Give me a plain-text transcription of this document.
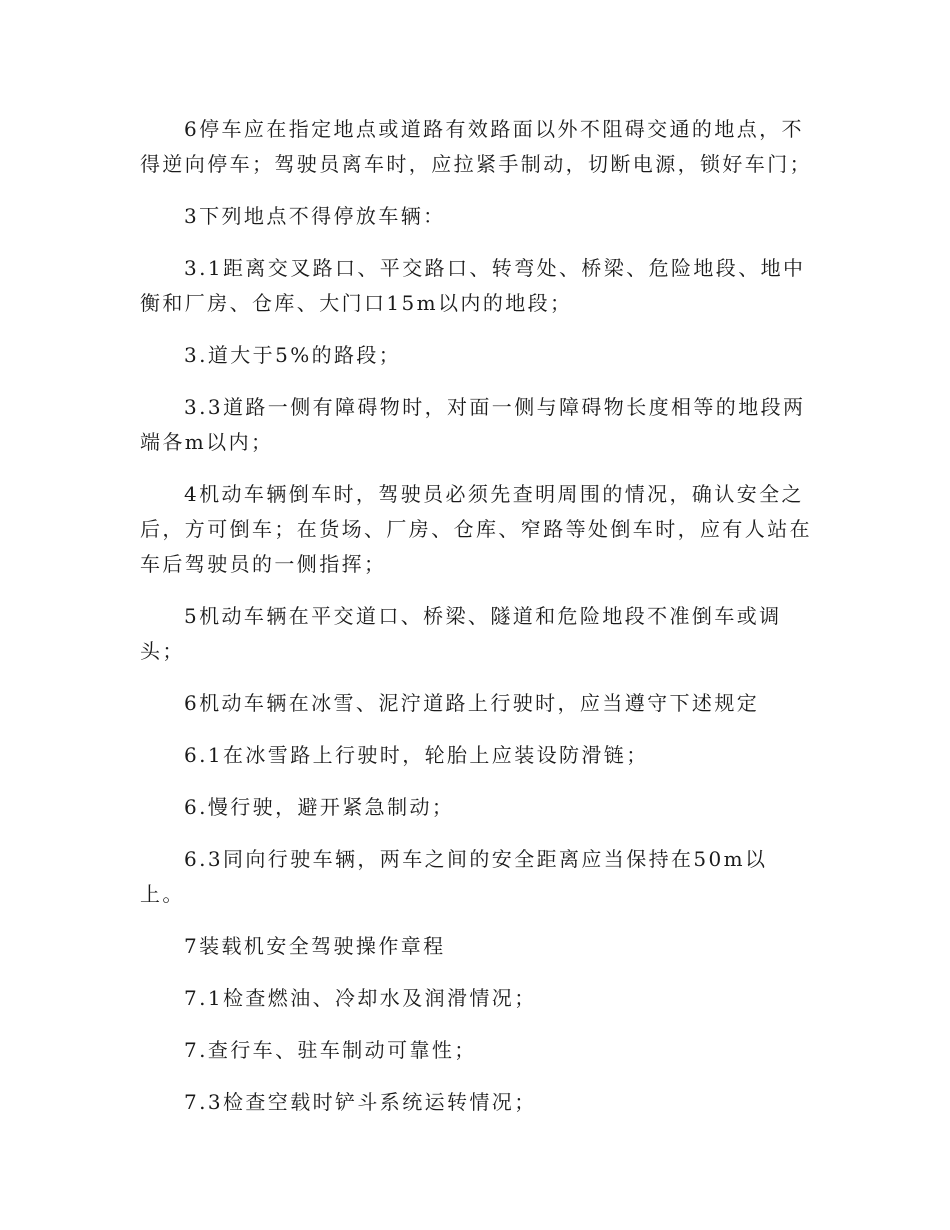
6停车应在指定地点或道路有效路面以外不阻碍交通的地点，不得逆向停车；驾驶员离车时，应拉紧手制动，切断电源，锁好车门；

3下列地点不得停放车辆：

3.1距离交叉路口、平交路口、转弯处、桥梁、危险地段、地中衡和厂房、仓库、大门口15m以内的地段；

3.道大于5%的路段；

3.3道路一侧有障碍物时，对面一侧与障碍物长度相等的地段两端各m以内；

4机动车辆倒车时，驾驶员必须先查明周围的情况，确认安全之后，方可倒车；在货场、厂房、仓库、窄路等处倒车时，应有人站在车后驾驶员的一侧指挥；

5机动车辆在平交道口、桥梁、隧道和危险地段不准倒车或调头；

6机动车辆在冰雪、泥泞道路上行驶时，应当遵守下述规定

6.1在冰雪路上行驶时，轮胎上应装设防滑链；

6.慢行驶，避开紧急制动；

6.3同向行驶车辆，两车之间的安全距离应当保持在50m以上。

7装载机安全驾驶操作章程

7.1检查燃油、冷却水及润滑情况；

7.查行车、驻车制动可靠性；

7.3检查空载时铲斗系统运转情况；
